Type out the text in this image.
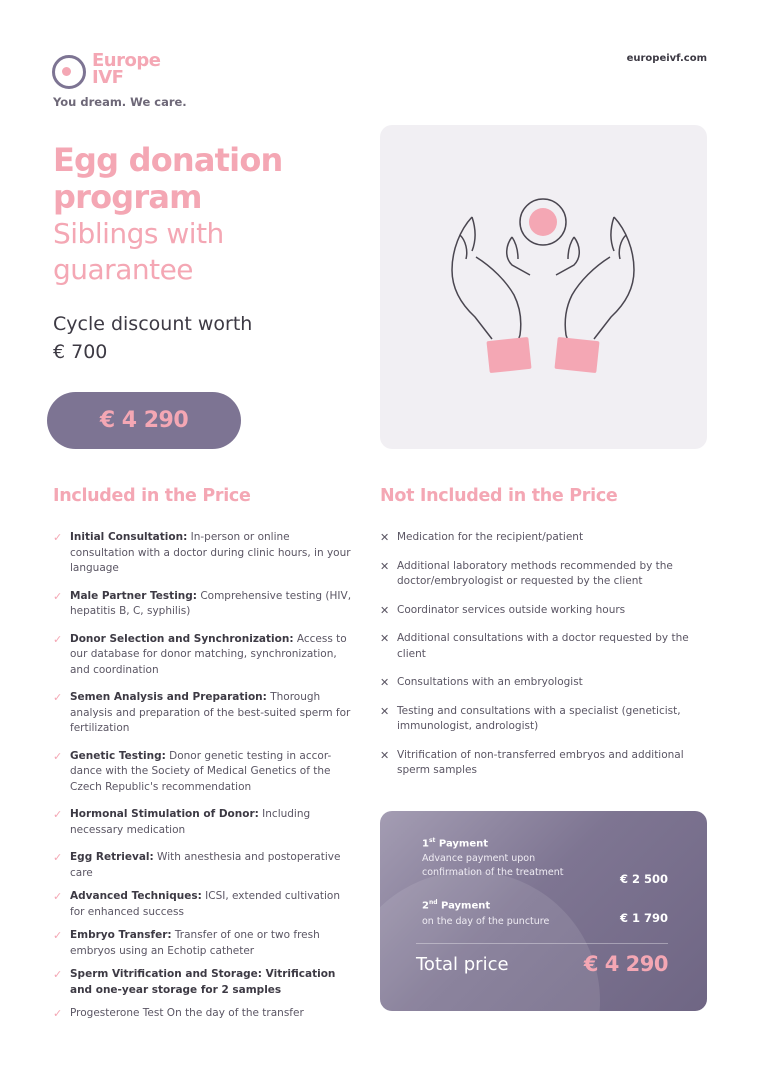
Europe
IVF
You dream. We care.
europeivf.com
Egg donation
program
Siblings with
guarantee
Cycle discount worth
€ 700
€ 4 290
Included in the Price
✓ Initial Consultation: In-person or online consultation with a doctor during clinic hours, in your language
✓ Male Partner Testing: Comprehensive testing (HIV, hepatitis B, C, syphilis)
✓ Donor Selection and Synchronization: Access to our database for donor matching, synchronization, and coordination
✓ Semen Analysis and Preparation: Thorough analysis and preparation of the best-suited sperm for fertilization
✓ Genetic Testing: Donor genetic testing in accor-dance with the Society of Medical Genetics of the Czech Republic's recommendation
✓ Hormonal Stimulation of Donor: Including necessary medication
✓ Egg Retrieval: With anesthesia and postoperative care
✓ Advanced Techniques: ICSI, extended cultivation for enhanced success
✓ Embryo Transfer: Transfer of one or two fresh embryos using an Echotip catheter
✓ Sperm Vitrification and Storage: Vitrification and one-year storage for 2 samples
✓ Progesterone Test On the day of the transfer
Not Included in the Price
✕ Medication for the recipient/patient
✕ Additional laboratory methods recommended by the doctor/embryologist or requested by the client
✕ Coordinator services outside working hours
✕ Additional consultations with a doctor requested by the client
✕ Consultations with an embryologist
✕ Testing and consultations with a specialist (geneticist, immunologist, andrologist)
✕ Vitrification of non-transferred embryos and additional sperm samples
1st Payment
Advance payment upon
confirmation of the treatment	€ 2 500
2nd Payment
on the day of the puncture	€ 1 790
Total price	€ 4 290
